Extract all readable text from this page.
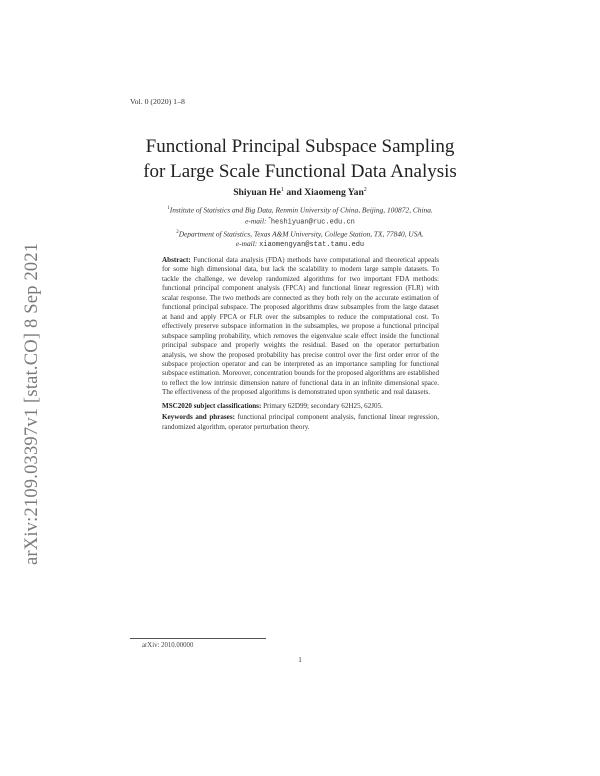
arXiv:2109.03397v1 [stat.CO] 8 Sep 2021
Vol. 0 (2020) 1–8
Functional Principal Subspace Sampling
for Large Scale Functional Data Analysis
Shiyuan He$^1$ and Xiaomeng Yan$^2$
$^1$Institute of Statistics and Big Data, Renmin University of China, Beijing, 100872, China.
e-mail: *heshiyuan@ruc.edu.cn
$^2$Department of Statistics, Texas A&M University, College Station, TX, 77840, USA.
e-mail: xiaomengyan@stat.tamu.edu

Abstract: Functional data analysis (FDA) methods have computational and theoretical appeals for some high dimensional data, but lack the scalability to modern large sample datasets. To tackle the challenge, we develop randomized algorithms for two important FDA methods: functional principal component analysis (FPCA) and functional linear regression (FLR) with scalar response. The two methods are connected as they both rely on the accurate estimation of functional principal subspace. The proposed algorithms draw subsamples from the large dataset at hand and apply FPCA or FLR over the subsamples to reduce the computational cost. To effectively preserve subspace information in the subsamples, we propose a functional principal subspace sampling probability, which removes the eigenvalue scale effect inside the functional principal subspace and properly weights the residual. Based on the operator perturbation analysis, we show the proposed probability has precise control over the first order error of the subspace projection operator and can be interpreted as an importance sampling for functional subspace estimation. Moreover, concentration bounds for the proposed algorithms are established to reflect the low intrinsic dimension nature of functional data in an infinite dimensional space. The effectiveness of the proposed algorithms is demonstrated upon synthetic and real datasets.

MSC2020 subject classifications: Primary 62D99; secondary 62H25, 62J05.

Keywords and phrases: functional principal component analysis, functional linear regression, randomized algorithm, operator perturbation theory.

arXiv: 2010.00000
1
